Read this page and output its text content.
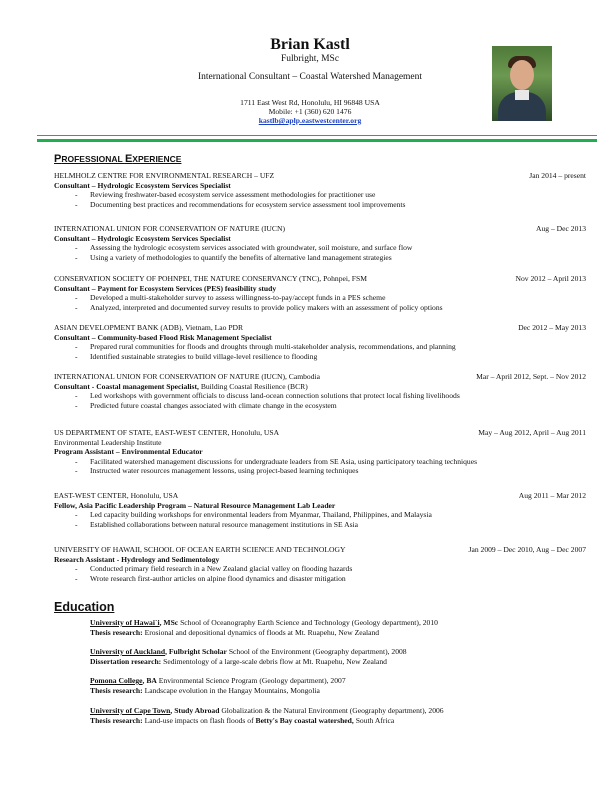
Brian Kastl
Fulbright, MSc
International Consultant – Coastal Watershed Management
1711 East West Rd, Honolulu, HI 96848 USA
Mobile: +1 (360) 620 1476
kastlb@aplp.eastwestcenter.org
PROFESSIONAL EXPERIENCE
HELMHOLZ CENTRE FOR ENVIRONMENTAL RESEARCH – UFZ	Jan 2014 – present
Consultant – Hydrologic Ecosystem Services Specialist
- Reviewing freshwater-based ecosystem service assessment methodologies for practitioner use
- Documenting best practices and recommendations for ecosystem service assessment tool improvements
INTERNATIONAL UNION FOR CONSERVATION OF NATURE (IUCN)	Aug – Dec 2013
Consultant – Hydrologic Ecosystem Services Specialist
- Assessing the hydrologic ecosystem services associated with groundwater, soil moisture, and surface flow
- Using a variety of methodologies to quantify the benefits of alternative land management strategies
CONSERVATION SOCIETY OF POHNPEI, THE NATURE CONSERVANCY (TNC), Pohnpei, FSM	Nov 2012 – April 2013
Consultant – Payment for Ecosystem Services (PES) feasibility study
- Developed a multi-stakeholder survey to assess willingness-to-pay/accept funds in a PES scheme
- Analyzed, interpreted and documented survey results to provide policy makers with an assessment of policy options
ASIAN DEVELOPMENT BANK (ADB), Vietnam, Lao PDR	Dec 2012 – May 2013
Consultant – Community-based Flood Risk Management Specialist
- Prepared rural communities for floods and droughts through multi-stakeholder analysis, recommendations, and planning
- Identified sustainable strategies to build village-level resilience to flooding
INTERNATIONAL UNION FOR CONSERVATION OF NATURE (IUCN), Cambodia	Mar – April 2012, Sept. – Nov 2012
Consultant - Coastal management Specialist, Building Coastal Resilience (BCR)
- Led workshops with government officials to discuss land-ocean connection solutions that protect local fishing livelihoods
- Predicted future coastal changes associated with climate change in the ecosystem
US DEPARTMENT OF STATE, EAST-WEST CENTER, Honolulu, USA	May – Aug 2012, April – Aug 2011
Environmental Leadership Institute
Program Assistant – Environmental Educator
- Facilitated watershed management discussions for undergraduate leaders from SE Asia, using participatory teaching techniques
- Instructed water resources management lessons, using project-based learning techniques
EAST-WEST CENTER, Honolulu, USA	Aug 2011 – Mar 2012
Fellow, Asia Pacific Leadership Program – Natural Resource Management Lab Leader
- Led capacity building workshops for environmental leaders from Myanmar, Thailand, Philippines, and Malaysia
- Established collaborations between natural resource management institutions in SE Asia
UNIVERSITY OF HAWAII, SCHOOL OF OCEAN EARTH SCIENCE AND TECHNOLOGY	Jan 2009 – Dec 2010, Aug – Dec 2007
Research Assistant - Hydrology and Sedimentology
- Conducted primary field research in a New Zealand glacial valley on flooding hazards
- Wrote research first-author articles on alpine flood dynamics and disaster mitigation
Education
University of Hawai`i, MSc School of Oceanography Earth Science and Technology (Geology department), 2010
Thesis research: Erosional and depositional dynamics of floods at Mt. Ruapehu, New Zealand
University of Auckland, Fulbright Scholar School of the Environment (Geography department), 2008
Dissertation research: Sedimentology of a large-scale debris flow at Mt. Ruapehu, New Zealand
Pomona College, BA Environmental Science Program (Geology department), 2007
Thesis research: Landscape evolution in the Hangay Mountains, Mongolia
University of Cape Town, Study Abroad Globalization & the Natural Environment (Geography department), 2006
Thesis research: Land-use impacts on flash floods of Betty's Bay coastal watershed, South Africa
